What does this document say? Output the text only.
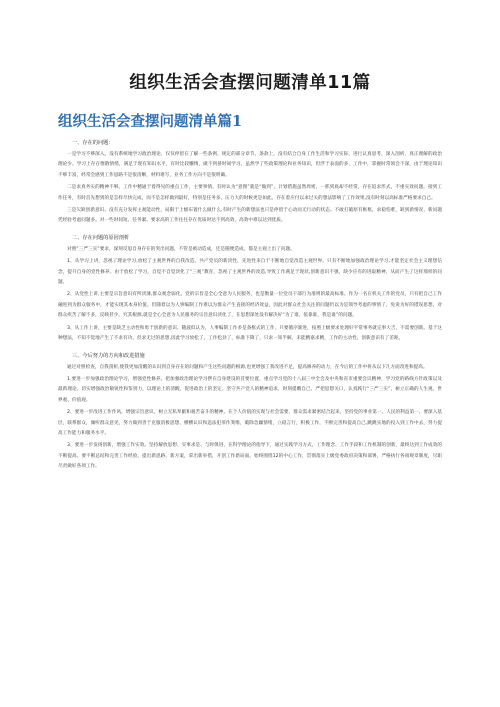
组织生活会查摆问题清单11篇
组织生活会查摆问题清单篇1

一、存在的问题：

一是学习不够深入。没有系统地学习政治理论，仅仅停留在了解一些条例、规定的部分章节、条款上，没有结合自身工作生活和学习实际，进行认真思考，深入剖析，真正理解的政治理论少。学习上存在惰散情绪，满足于现有知识水平，有时比较懒惰，做不到挤时间学习。虽然学了些政策理论和业务知识，但浮于表面的多，工作中，掌握时常领会不深，由于理论知识不够丰富，经常会感到工作思路不是很清晰，材料难写，业务工作方向不是很明确。

二是求真务实的精神不够。工作中精通于着得见的重点工作，主要事情。有时认为“意图”就是“做到”，计划措施虽然周密，一抓到底却不经常，存在追求形式，不重实效问题。接到工作任务，有时首先想到的是怎样尽快完成，而不是怎样做到最好，特别是任务多、压力大的时候更是如此。存在着应付以求过关的想法影响了工作效果,没有时刻以高标准严格要求自己。

三是欠缺创新意识。没有充分发挥主观能动性，局限于上级布置什么做什么,有时产生的新想法也只是停留于心动而无行动的状态。不敢打破原有框框，求稳怕难，缺到新情况、新问题凭经验考虑问题多。对一些时间短、任务紧、要求高的工作往往存在优质时达不到高效，高效中难以达到优质。

二、存在问题的原因剖析

对照“三严三实”要求，深刻反思自身存在的突出问题，不管是被动造成，还是随便造成，都是主观上出了问题。

1、从学习上讲，忽视了理论学习,放松了主观世界的自我改造。共产党员的新淡性，先进性来自于不断地自觉改造主观世界。只有不断地加强政治理论学习,才能坚定社会主义理想信念，提升自身的党性修养。由于放松了学习，自觉不自觉淡化了“三观”教育，忽视了主观世界的改造,导致工作满足于现状,创新意识不强，缺少应有的进取精神，从而产生了这样那样的问题。

2、从党性上讲,主要是宗旨意识有所淡薄,群众观念弱化。党的宗旨是全心全意为人民服务，也是衡量一位党员干部行为准则的最高标准。作为一名在机关工作的党员，只有把自己工作融进到为群众服务中，才能实现其本身价值。但随着以为人事编制工作难以为群众产生直接的经济效益，因此对群众社会关注的问题仍以为是领导考虑的事情了，免说为好的错误思想，对群众疾苦了解不多，反映甚少。究其根源,就是全心全意为人民服务的宗旨意识淡化了，在思想深处没有解决好“为了谁，依靠谁，我是谁”的问题。

3、从工作上讲，主要是缺乏主动性和勇于创新的意识。随波似认为，人事编制工作多是条框式的工作，只要循序渐进，按照上级要求处理好平常事务就完事大吉，不需要创新。基于这种想法，不知不觉地产生了不求有功、但求无过的思想,因此学习放松了，工作松劲了，标准下降了，只求一知半解，未能精嘉求精，工作的主动性、创新意识有了差距。

三、今后努力的方向和改进措施

通过对照检查，自我剖析,使我更加清醒的认识到自身存在的问题和产生这些问题的根源,也更增强了我改进不足，提高修养的动力，在今后的工作中将从以下几方面改进和提高。

1.要进一步加强政治理论学习，增强党性修养。把加强政治理论学习摆在自身建设的首要位置，重点学习党的十八届三中全会及中央和省市重要会议精神，学习党的路线方针政策以及最新理论，切实增强政治敏锐性和鉴别力，以理论上的清醒，促进政治上的坚定。坚守共产党人的精神追求，时刻提醒自己，严把思想关口，认真践行“三严三实”，树立正确的人生观、世界观、价值观。

2、要进一步改进工作作风，增强宗旨意识，树立无私奉献和艰苦奋斗的精神。在个人价值的实现与社会需要、群众需求紧密结合起来，坚持党的事业第一、人民的利益第一，要深入基层，联系群众，倾听群众意见，努力做到善于克服消极思想、横横认识和违法犯罪作粪维，破除急躁情绪，立稳言行，积极工作，不断完善和提高自己,跳跳实地的投入到工作中去，努力提高工作能力和服务水平。

3、要进一步发扬创新，增强工作实效。坚持解放思想、实事求是、与时俱进，在科学理论的指导下，通过实践学习方式，工作理念、工作手段和工作机制的创新，最终达到工作成效的不断提高。要不断总结和完善工作经验，提出新思路、新方案，拿出新举措，开创工作新局面。始终围绕12的中心工作，贯彻落实上级党委政府决策和部署，严格执行各项规章制度，尽职尽责做好各项工作。
